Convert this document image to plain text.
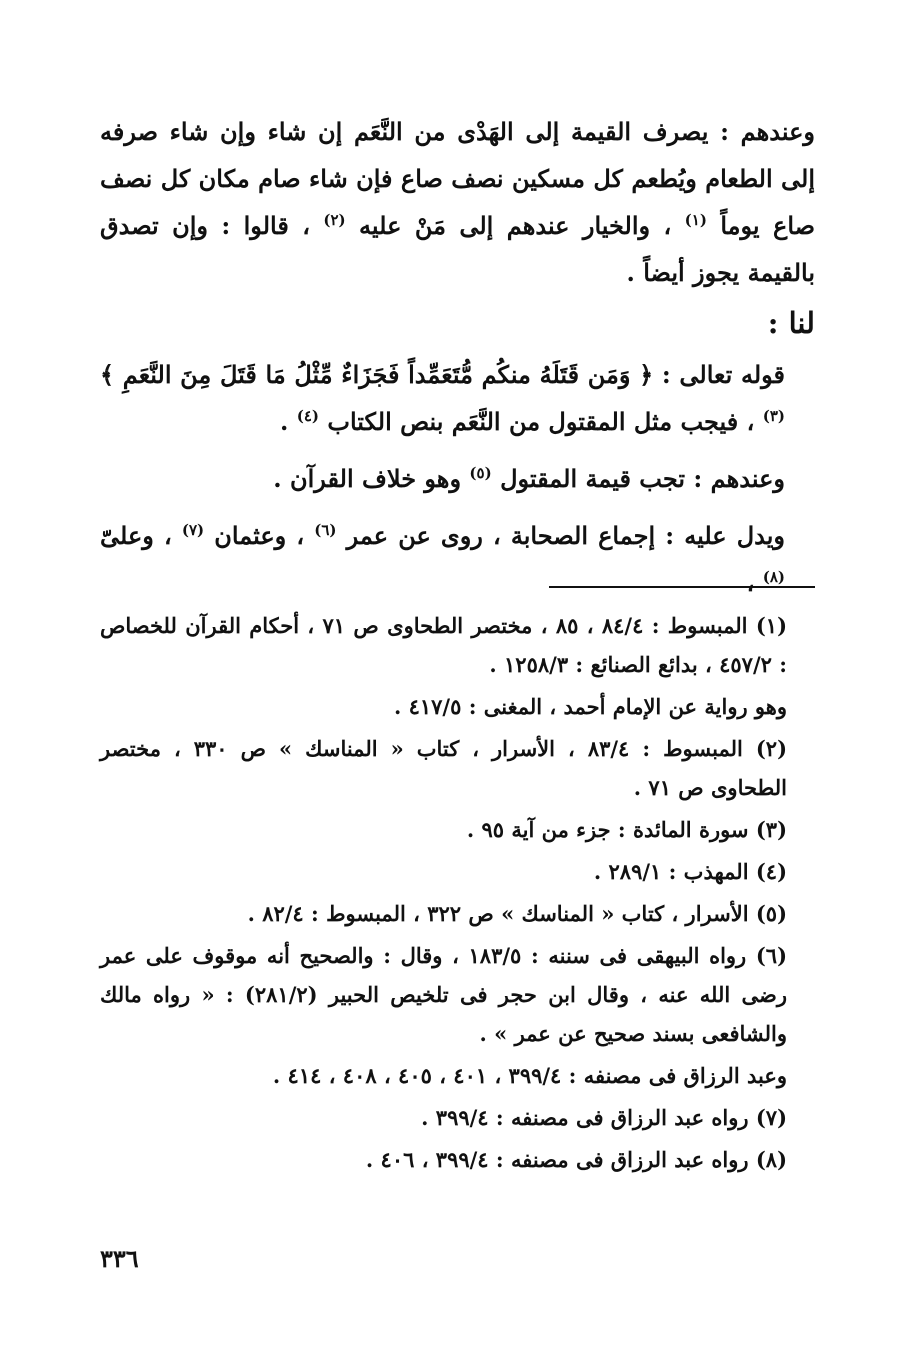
وعندهم : يصرف القيمة إلى الهَدْى من النَّعَم إن شاء وإن شاء صرفه إلى الطعام ويُطعم كل مسكين نصف صاع فإن شاء صام مكان كل نصف صاع يوماً $^{(١)}$ ، والخيار عندهم إلى مَنْ عليه $^{(٢)}$ ، قالوا : وإن تصدق بالقيمة يجوز أيضاً .

لنا :

قوله تعالى : ﴿ وَمَن قَتَلَهُ منكُم مُّتَعَمِّداً فَجَزَاءٌ مِّثْلُ مَا قَتَلَ مِنَ النَّعَمِ ﴾ $^{(٣)}$ ، فيجب مثل المقتول من النَّعَم بنص الكتاب $^{(٤)}$ .

وعندهم : تجب قيمة المقتول $^{(٥)}$ وهو خلاف القرآن .

ويدل عليه : إجماع الصحابة ، روى عن عمر $^{(٦)}$ ، وعثمان $^{(٧)}$ ، وعلىّ $^{(٨)}$ ،

(١) المبسوط : ٨٤/٤ ، ٨٥ ، مختصر الطحاوى ص ٧١ ، أحكام القرآن للخصاص : ٤٥٧/٢ ، بدائع الصنائع : ١٢٥٨/٣ .

وهو رواية عن الإمام أحمد ، المغنى : ٤١٧/٥ .

(٢) المبسوط : ٨٣/٤ ، الأسرار ، كتاب « المناسك » ص ٣٣٠ ، مختصر الطحاوى ص ٧١ .

(٣) سورة المائدة : جزء من آية ٩٥ .

(٤) المهذب : ٢٨٩/١ .

(٥) الأسرار ، كتاب « المناسك » ص ٣٢٢ ، المبسوط : ٨٢/٤ .

(٦) رواه البيهقى فى سننه : ١٨٣/٥ ، وقال : والصحيح أنه موقوف على عمر رضى الله عنه ، وقال ابن حجر فى تلخيص الحبير (٢٨١/٢) : « رواه مالك والشافعى بسند صحيح عن عمر » .

وعبد الرزاق فى مصنفه : ٣٩٩/٤ ، ٤٠١ ، ٤٠٥ ، ٤٠٨ ، ٤١٤ .

(٧) رواه عبد الرزاق فى مصنفه : ٣٩٩/٤ .

(٨) رواه عبد الرزاق فى مصنفه : ٣٩٩/٤ ، ٤٠٦ .

٣٣٦
